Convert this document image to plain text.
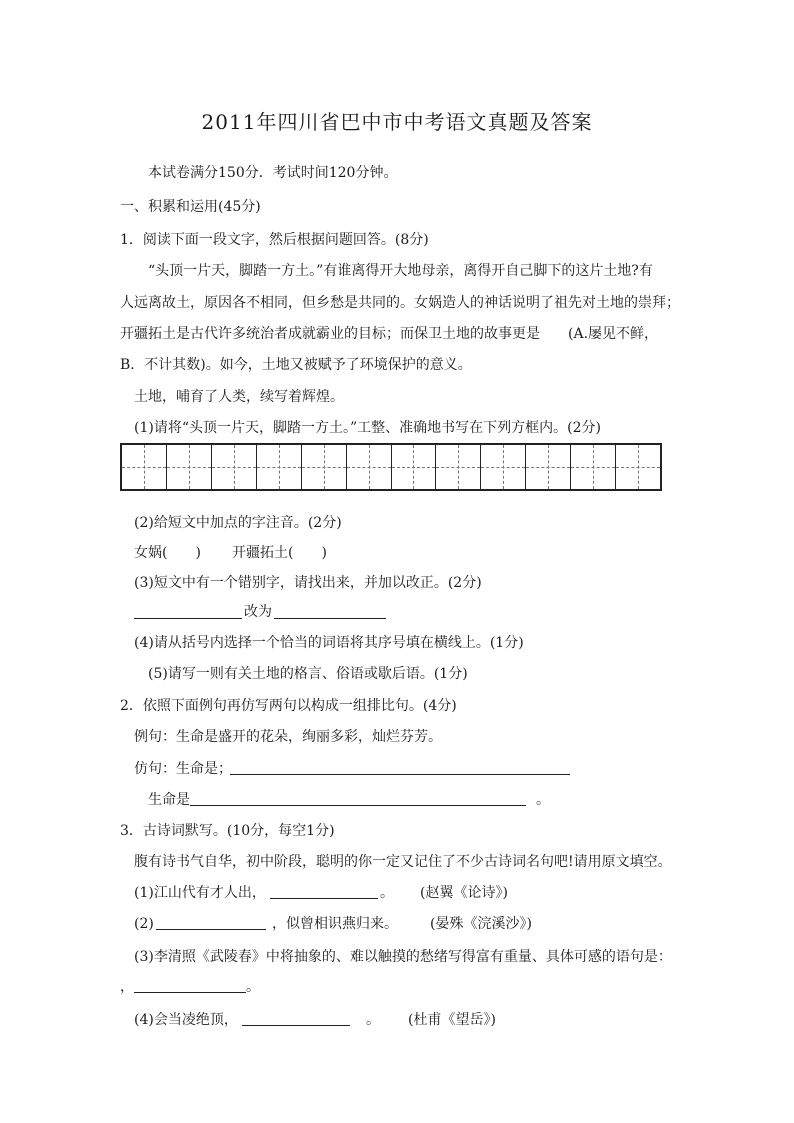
2011年四川省巴中市中考语文真题及答案
本试卷满分150分．考试时间120分钟。
一、积累和运用(45分)
1．阅读下面一段文字，然后根据问题回答。(8分)
“头顶一片天，脚踏一方土。”有谁离得开大地母亲，离得开自己脚下的这片土地?有
人远离故土，原因各不相同，但乡愁是共同的。女娲造人的神话说明了祖先对土地的崇拜；
开疆拓土是古代许多统治者成就霸业的目标；而保卫土地的故事更是 (A.屡见不鲜，
B．不计其数)。如今，土地又被赋予了环境保护的意义。
土地，哺育了人类，续写着辉煌。
(1)请将“头顶一片天，脚踏一方土。”工整、准确地书写在下列方框内。(2分)
(2)给短文中加点的字注音。(2分)
女娲(　　) 开疆拓土(　　)
(3)短文中有一个错别字，请找出来，并加以改正。(2分)
改为
(4)请从括号内选择一个恰当的词语将其序号填在横线上。(1分)
(5)请写一则有关土地的格言、俗语或歇后语。(1分)
2．依照下面例句再仿写两句以构成一组排比句。(4分)
例句：生命是盛开的花朵，绚丽多彩，灿烂芬芳。
仿句：生命是；
生命是	。
3．古诗词默写。(10分，每空1分)
腹有诗书气自华，初中阶段，聪明的你一定又记住了不少古诗词名句吧!请用原文填空。
(1)江山代有才人出，	。 (赵翼《论诗》)
(2)	，似曾相识燕归来。 (晏殊《浣溪沙》)
(3)李清照《武陵春》中将抽象的、难以触摸的愁绪写得富有重量、具体可感的语句是：
，	。
(4)会当凌绝顶，	。 (杜甫《望岳》)
